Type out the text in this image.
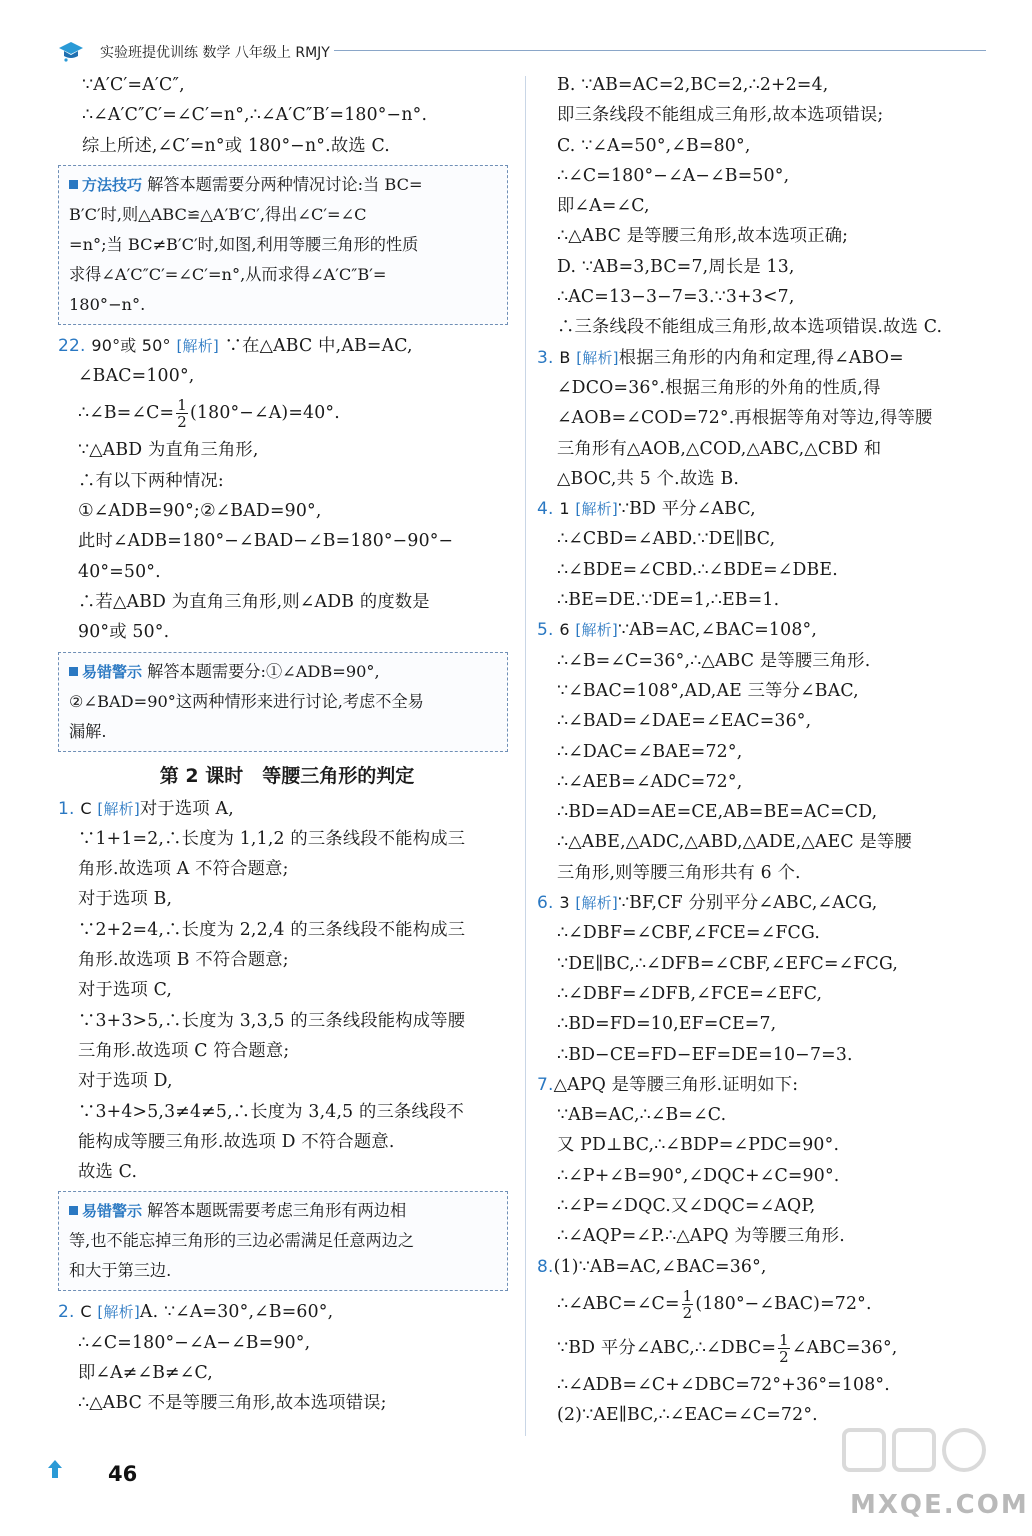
实验班提优训练 数学 八年级上 RMJY
∵A′C′=A′C″,
∴∠A′C″C′=∠C′=n°,∴∠A′C″B′=180°−n°.
综上所述,∠C′=n°或 180°−n°.故选 C.
方法技巧 解答本题需要分两种情况讨论:当 BC=
B′C′时,则△ABC≌△A′B′C′,得出∠C′=∠C
=n°;当 BC≠B′C′时,如图,利用等腰三角形的性质
求得∠A′C″C′=∠C′=n°,从而求得∠A′C″B′=
180°−n°.
22. 90°或 50° [解析] ∵在△ABC 中,AB=AC,
∠BAC=100°,
∴∠B=∠C= $\frac{1}{2}$ (180°−∠A)=40°.
∵△ABD 为直角三角形,
∴有以下两种情况:
①∠ADB=90°;②∠BAD=90°,
此时∠ADB=180°−∠BAD−∠B=180°−90°−
40°=50°.
∴若△ABD 为直角三角形,则∠ADB 的度数是
90°或 50°.
易错警示 解答本题需要分:①∠ADB=90°,
②∠BAD=90°这两种情形来进行讨论,考虑不全易
漏解.
第 2 课时　等腰三角形的判定
1. C [解析]对于选项 A,
∵1+1=2,∴长度为 1,1,2 的三条线段不能构成三
角形.故选项 A 不符合题意;
对于选项 B,
∵2+2=4,∴长度为 2,2,4 的三条线段不能构成三
角形.故选项 B 不符合题意;
对于选项 C,
∵3+3>5,∴长度为 3,3,5 的三条线段能构成等腰
三角形.故选项 C 符合题意;
对于选项 D,
∵3+4>5,3≠4≠5,∴长度为 3,4,5 的三条线段不
能构成等腰三角形.故选项 D 不符合题意.
故选 C.
易错警示 解答本题既需要考虑三角形有两边相
等,也不能忘掉三角形的三边必需满足任意两边之
和大于第三边.
2. C [解析]A. ∵∠A=30°,∠B=60°,
∴∠C=180°−∠A−∠B=90°,
即∠A≠∠B≠∠C,
∴△ABC 不是等腰三角形,故本选项错误;
B. ∵AB=AC=2,BC=2,∴2+2=4,
即三条线段不能组成三角形,故本选项错误;
C. ∵∠A=50°,∠B=80°,
∴∠C=180°−∠A−∠B=50°,
即∠A=∠C,
∴△ABC 是等腰三角形,故本选项正确;
D. ∵AB=3,BC=7,周长是 13,
∴AC=13−3−7=3.∵3+3<7,
∴三条线段不能组成三角形,故本选项错误.故选 C.
3. B [解析]根据三角形的内角和定理,得∠ABO=
∠DCO=36°.根据三角形的外角的性质,得
∠AOB=∠COD=72°.再根据等角对等边,得等腰
三角形有△AOB,△COD,△ABC,△CBD 和
△BOC,共 5 个.故选 B.
4. 1 [解析]∵BD 平分∠ABC,
∴∠CBD=∠ABD.∵DE∥BC,
∴∠BDE=∠CBD.∴∠BDE=∠DBE.
∴BE=DE.∵DE=1,∴EB=1.
5. 6 [解析]∵AB=AC,∠BAC=108°,
∴∠B=∠C=36°,∴△ABC 是等腰三角形.
∵∠BAC=108°,AD,AE 三等分∠BAC,
∴∠BAD=∠DAE=∠EAC=36°,
∴∠DAC=∠BAE=72°,
∴∠AEB=∠ADC=72°,
∴BD=AD=AE=CE,AB=BE=AC=CD,
∴△ABE,△ADC,△ABD,△ADE,△AEC 是等腰
三角形,则等腰三角形共有 6 个.
6. 3 [解析]∵BF,CF 分别平分∠ABC,∠ACG,
∴∠DBF=∠CBF,∠FCE=∠FCG.
∵DE∥BC,∴∠DFB=∠CBF,∠EFC=∠FCG,
∴∠DBF=∠DFB,∠FCE=∠EFC,
∴BD=FD=10,EF=CE=7,
∴BD−CE=FD−EF=DE=10−7=3.
7.△APQ 是等腰三角形.证明如下:
∵AB=AC,∴∠B=∠C.
又 PD⊥BC,∴∠BDP=∠PDC=90°.
∴∠P+∠B=90°,∠DQC+∠C=90°.
∴∠P=∠DQC.又∠DQC=∠AQP,
∴∠AQP=∠P.∴△APQ 为等腰三角形.
8.(1)∵AB=AC,∠BAC=36°,
∴∠ABC=∠C= $\frac{1}{2}$ (180°−∠BAC)=72°.
∵BD 平分∠ABC,∴∠DBC= $\frac{1}{2}$ ∠ABC=36°,
∴∠ADB=∠C+∠DBC=72°+36°=108°.
(2)∵AE∥BC,∴∠EAC=∠C=72°.
46
MXQE.COM
